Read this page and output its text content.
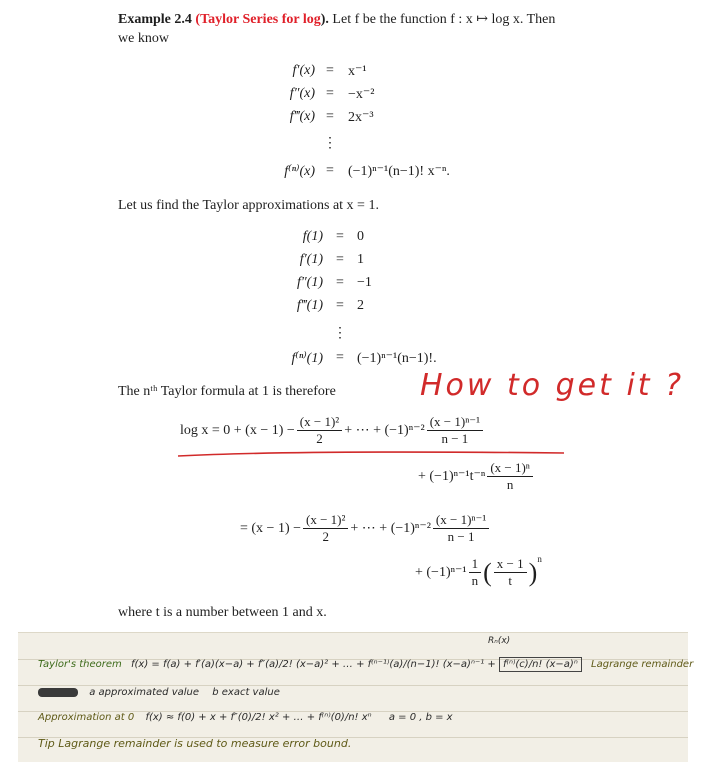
Example 2.4 (Taylor Series for log). Let f be the function f : x ↦ log x. Then
we know
f′(x) =	x⁻¹
f″(x) =	−x⁻²
f‴(x) =	2x⁻³
⋮
f⁽ⁿ⁾(x) =	(−1)ⁿ⁻¹(n−1)! x⁻ⁿ.
Let us find the Taylor approximations at x = 1.
f(1) = 0
f′(1) = 1
f″(1) = −1
f‴(1) = 2
⋮
f⁽ⁿ⁾(1) = (−1)ⁿ⁻¹(n−1)!.
The nᵗʰ Taylor formula at 1 is therefore	How to get it ?
$\log x = 0 + (x - 1) - \frac{\text{(x − 1)²}}{2}$ + ⋯ + $(-1)^{n-2} \frac{\text{(x − 1)ⁿ⁻¹}}{n - 1}$
+ $(-1)^{n-1}t^{-n} \frac{\text{(x − 1)ⁿ}}{n}$
= $(x - 1) - \frac{\text{(x − 1)²}}{2}$ + ⋯ + $(-1)^{n-2} \frac{\text{(x − 1)ⁿ⁻¹}}{n - 1}$
+ $(-1)^{n-1} \frac{1}{n}$ ( $\frac{x - 1}{t} )^n$
where t is a number between 1 and x.
Rₙ(x)
Taylor's theorem f(x) = f(a) + f′(a)(x−a) + f″(a)/2! (x−a)² + … + f⁽ⁿ⁻¹⁾(a)/(n−1)! (x−a)ⁿ⁻¹ + f⁽ⁿ⁾(c)/n! (x−a)ⁿ Lagrange remainder
a approximated value b exact value
Approximation at 0 f(x) ≈ f(0) + x + f″(0)/2! x² + … + f⁽ⁿ⁾(0)/n! xⁿ a = 0 , b = x
Tip Lagrange remainder is used to measure error bound.
